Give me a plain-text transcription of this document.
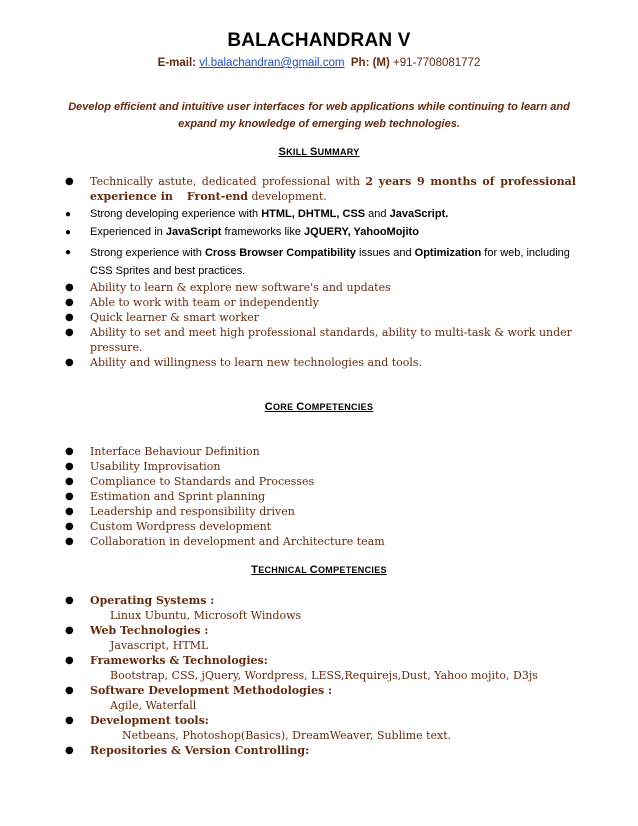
BALACHANDRAN V
E-mail: vl.balachandran@gmail.com Ph: (M) +91-7708081772
Develop efficient and intuitive user interfaces for web applications while continuing to learn and expand my knowledge of emerging web technologies.
SKILL SUMMARY
● Technically astute, dedicated professional with 2 years 9 months of professional experience in Front-end development.
● Strong developing experience with HTML, DHTML, CSS and JavaScript.
● Experienced in JavaScript frameworks like JQUERY, YahooMojito
● Strong experience with Cross Browser Compatibility issues and Optimization for web, including CSS Sprites and best practices.
● Ability to learn & explore new software's and updates
● Able to work with team or independently
● Quick learner & smart worker
● Ability to set and meet high professional standards, ability to multi-task & work under pressure.
● Ability and willingness to learn new technologies and tools.
CORE COMPETENCIES
● Interface Behaviour Definition
● Usability Improvisation
● Compliance to Standards and Processes
● Estimation and Sprint planning
● Leadership and responsibility driven
● Custom Wordpress development
● Collaboration in development and Architecture team
TECHNICAL COMPETENCIES
● Operating Systems :
Linux Ubuntu, Microsoft Windows
● Web Technologies :
Javascript, HTML
● Frameworks & Technologies:
Bootstrap, CSS, jQuery, Wordpress, LESS,Requirejs,Dust, Yahoo mojito, D3js
● Software Development Methodologies :
Agile, Waterfall
● Development tools:
Netbeans, Photoshop(Basics), DreamWeaver, Sublime text.
● Repositories & Version Controlling:
